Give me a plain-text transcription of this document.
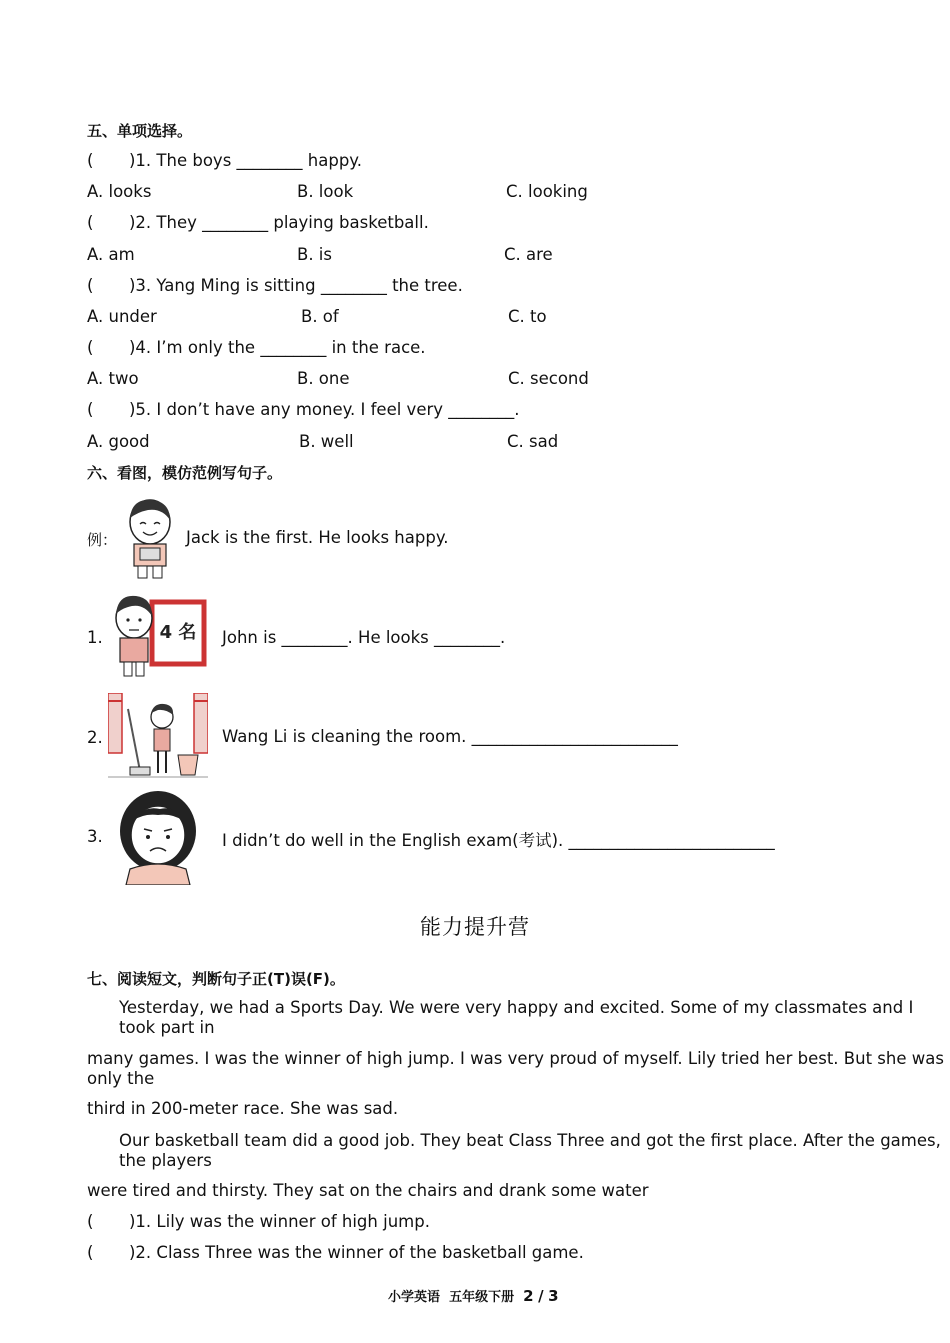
五、单项选择。
( )1. The boys ________ happy.
A. looks	B. look	C. looking
( )2. They ________ playing basketball.
A. am	B. is	C. are
( )3. Yang Ming is sitting ________ the tree.
A. under	B. of	C. to
( )4. I’m only the ________ in the race.
A. two	B. one	C. second
( )5. I don’t have any money. I feel very ________.
A. good	B. well	C. sad
六、看图，模仿范例写句子。
例：	Jack is the first. He looks happy.
1.	4 名 John is ________. He looks ________.
2.	Wang Li is cleaning the room. _________________________
3.	I didn’t do well in the English exam(考试). _________________________
能力提升营
七、阅读短文，判断句子正(T)误(F)。
Yesterday, we had a Sports Day. We were very happy and excited. Some of my classmates and I took part in
many games. I was the winner of high jump. I was very proud of myself. Lily tried her best. But she was only the
third in 200-meter race. She was sad.
Our basketball team did a good job. They beat Class Three and got the first place. After the games, the players
were tired and thirsty. They sat on the chairs and drank some water
( )1. Lily was the winner of high jump.
( )2. Class Three was the winner of the basketball game.
小学英语 五年级下册 2 / 3
